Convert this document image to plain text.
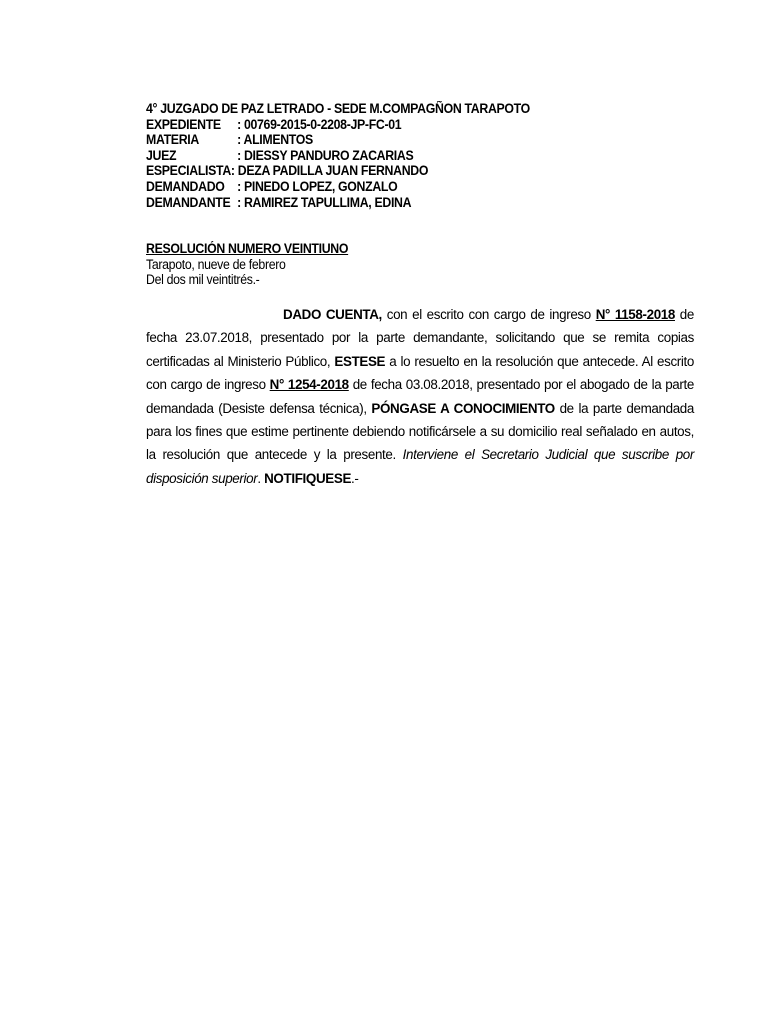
4° JUZGADO DE PAZ LETRADO - SEDE M.COMPAGÑON TARAPOTO
EXPEDIENTE	: 00769-2015-0-2208-JP-FC-01
MATERIA	: ALIMENTOS
JUEZ	: DIESSY PANDURO ZACARIAS
ESPECIALISTA : DEZA PADILLA JUAN FERNANDO
DEMANDADO : PINEDO LOPEZ, GONZALO
DEMANDANTE : RAMIREZ TAPULLIMA, EDINA
RESOLUCIÓN NUMERO VEINTIUNO
Tarapoto, nueve de febrero
Del dos mil veintitrés.-
DADO CUENTA, con el escrito con cargo de ingreso N° 1158-2018 de fecha 23.07.2018, presentado por la parte demandante, solicitando que se remita copias certificadas al Ministerio Público, ESTESE a lo resuelto en la resolución que antecede. Al escrito con cargo de ingreso N° 1254-2018 de fecha 03.08.2018, presentado por el abogado de la parte demandada (Desiste defensa técnica), PÓNGASE A CONOCIMIENTO de la parte demandada para los fines que estime pertinente debiendo notificársele a su domicilio real señalado en autos, la resolución que antecede y la presente. Interviene el Secretario Judicial que suscribe por disposición superior. NOTIFIQUESE.-
